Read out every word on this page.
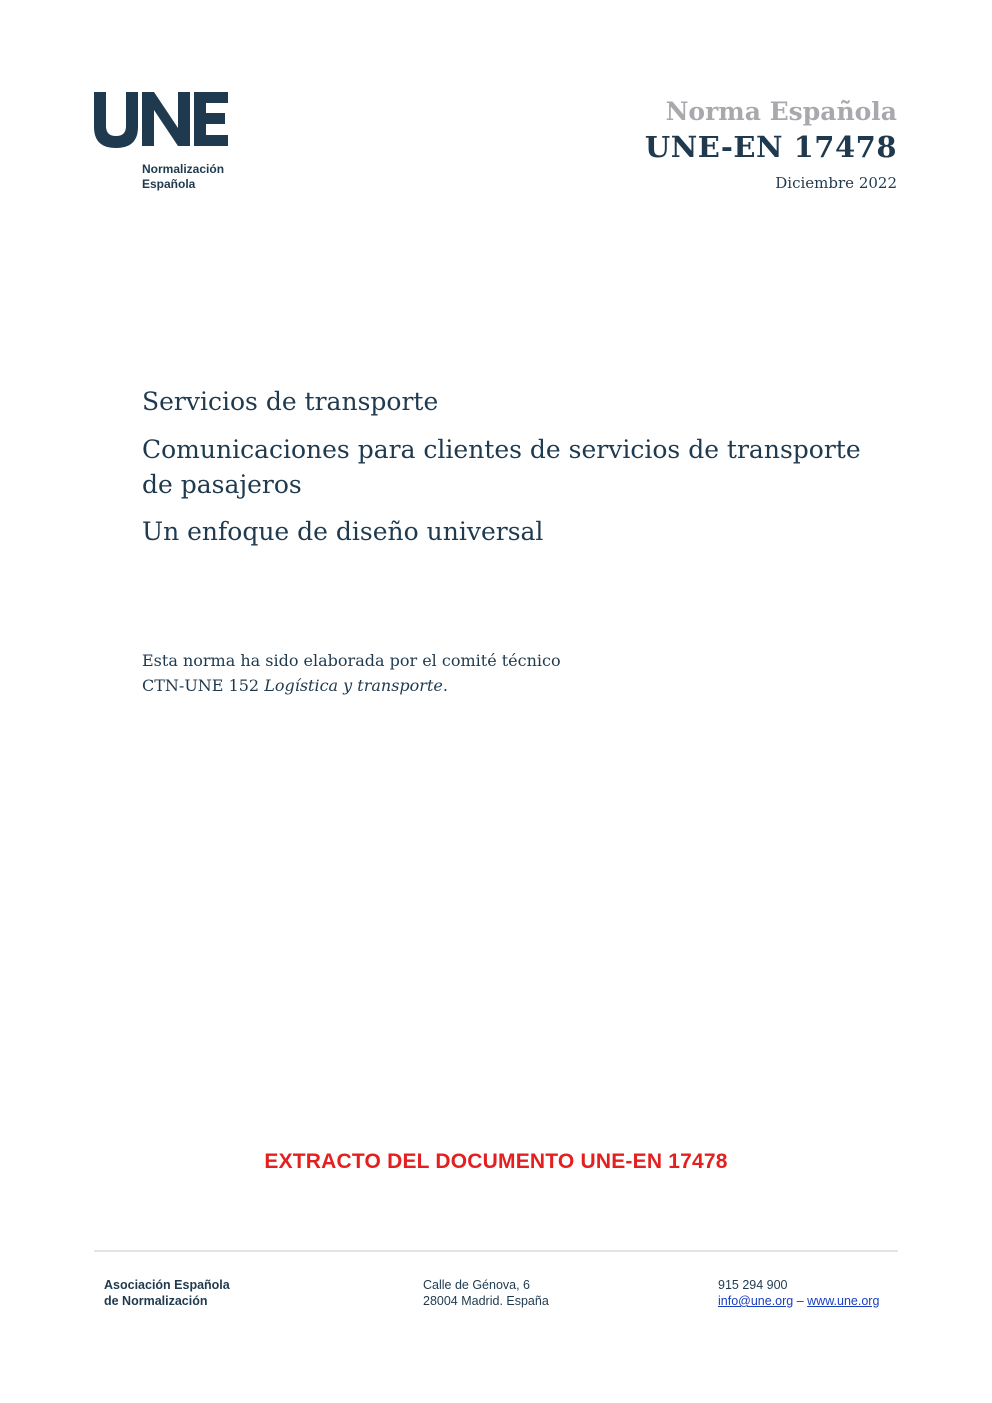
Normalización
Española
Norma Española
UNE-EN 17478
Diciembre 2022
Servicios de transporte
Comunicaciones para clientes de servicios de transporte
de pasajeros
Un enfoque de diseño universal
Esta norma ha sido elaborada por el comité técnico
CTN-UNE 152 Logística y transporte.
EXTRACTO DEL DOCUMENTO UNE-EN 17478
Asociación Española
de Normalización
Calle de Génova, 6
28004 Madrid. España
915 294 900
info@une.org – www.une.org
